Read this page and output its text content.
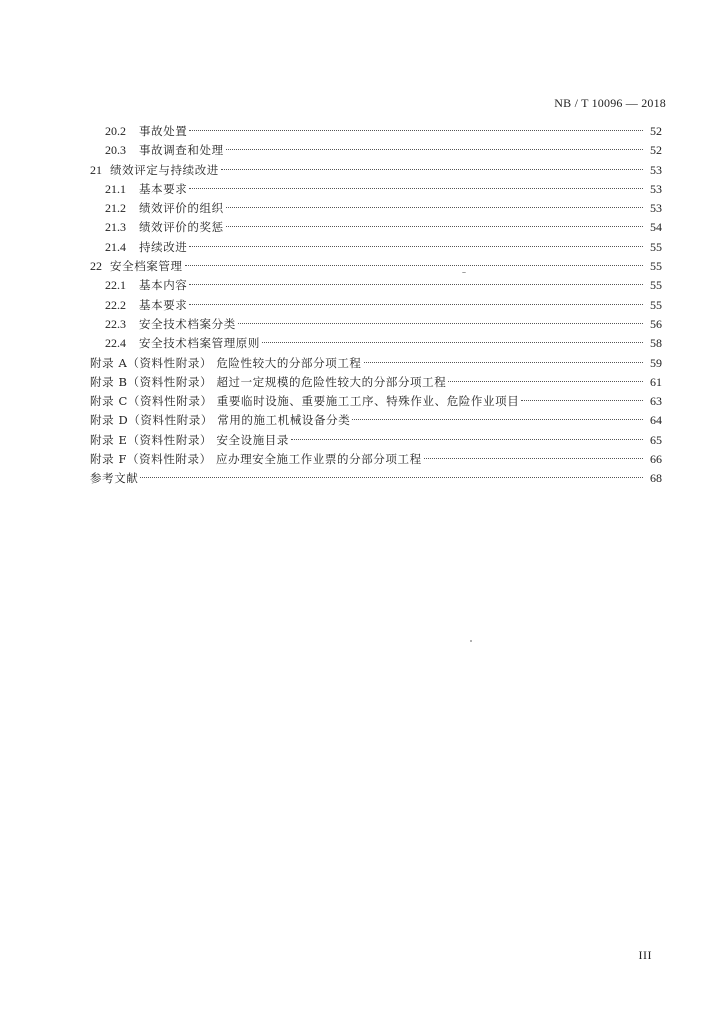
NB / T 10096 — 2018
20.2	事故处置	52
20.3	事故调查和处理	52
21 绩效评定与持续改进	53
21.1	基本要求	53
21.2	绩效评价的组织	53
21.3	绩效评价的奖惩	54
21.4	持续改进	55
22 安全档案管理	55
22.1	基本内容	55
22.2	基本要求	55
22.3	安全技术档案分类	56
22.4	安全技术档案管理原则	58
附录 A（资料性附录） 危险性较大的分部分项工程	59
附录 B（资料性附录） 超过一定规模的危险性较大的分部分项工程	61
附录 C（资料性附录） 重要临时设施、重要施工工序、特殊作业、危险作业项目	63
附录 D（资料性附录） 常用的施工机械设备分类	64
附录 E（资料性附录） 安全设施目录	65
附录 F（资料性附录） 应办理安全施工作业票的分部分项工程	66
参考文献	68
III
